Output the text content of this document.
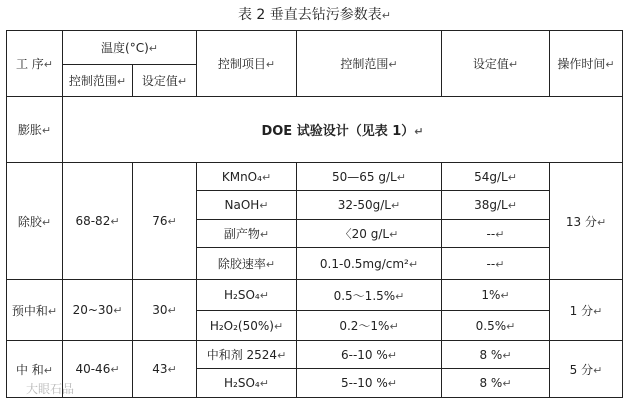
表 2 垂直去钻污参数表↵
工 序↵	温度(°C)↵		控制项目↵	控制范围↵	设定值↵	操作时间↵
	控制范围↵	设定值↵				
膨胀↵	DOE 试验设计（见表 1）↵					
除胶↵	68-82↵	76↵	KMnO₄↵	50—65 g/L↵	54g/L↵	13 分↵
			NaOH↵	32-50g/L↵	38g/L↵	
			副产物↵	〈20 g/L↵	--↵	
			除胶速率↵	0.1-0.5mg/cm²↵	--↵	
预中和↵	20~30↵	30↵	H₂SO₄↵	0.5～1.5%↵	1%↵	1 分↵
			H₂O₂(50%)↵	0.2～1%↵	0.5%↵	
中 和↵	40-46↵	43↵	中和剂 2524↵	6--10 %↵	8 %↵	5 分↵
			H₂SO₄↵	5--10 %↵	8 %↵	
大眼石品
